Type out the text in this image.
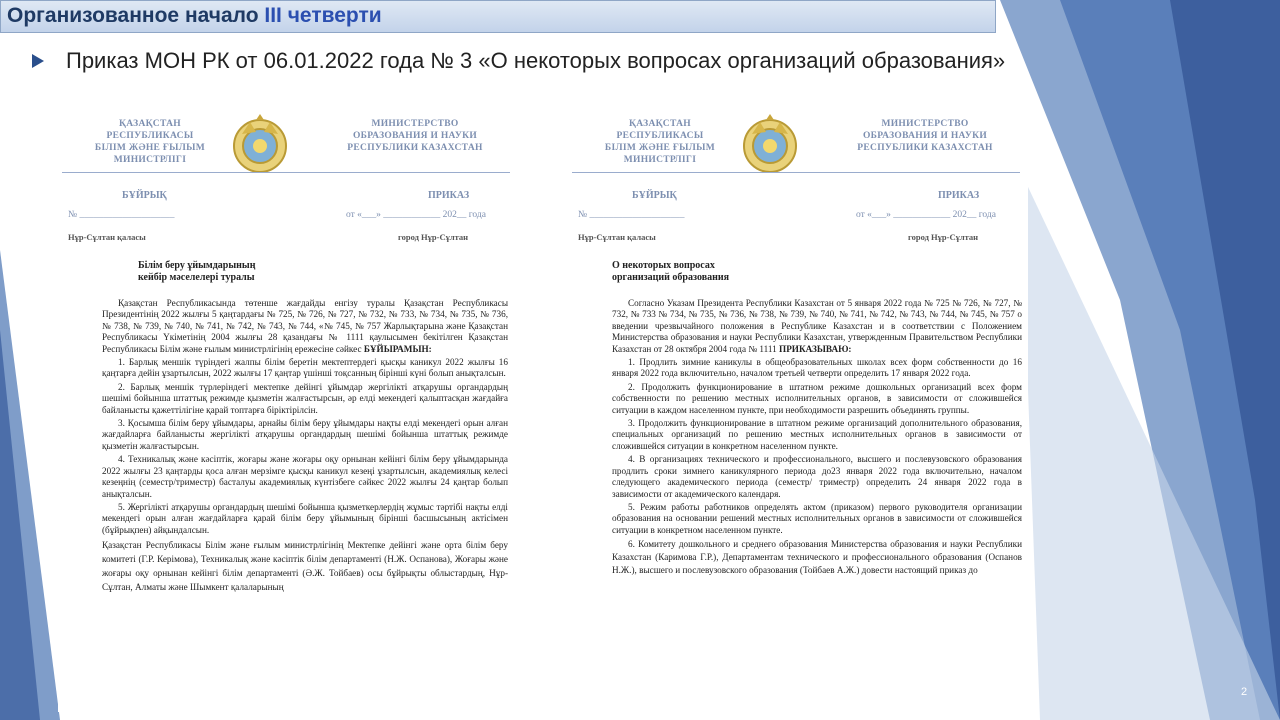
Организованное начало III четверти
Приказ МОН РК от 06.01.2022 года № 3 «О некоторых вопросах организаций образования»
ҚАЗАҚСТАН
РЕСПУБЛИКАСЫ
БІЛІМ ЖӘНЕ ҒЫЛЫМ
МИНИСТРЛІГІ
МИНИСТЕРСТВО
ОБРАЗОВАНИЯ И НАУКИ
РЕСПУБЛИКИ КАЗАХСТАН
БҰЙРЫҚ	ПРИКАЗ
№ ____________________	от «___» ____________ 202__ года
Нұр-Сұлтан қаласы	город Нұр-Сұлтан
Білім беру ұйымдарының
кейбір мәселелері туралы

Қазақстан Республикасында төтенше жағдайды енгізу туралы Қазақстан Республикасы Президентінің 2022 жылғы 5 қаңтардағы № 725, № 726, № 727, № 732, № 733, № 734, № 735, № 736, № 738, № 739, № 740, № 741, № 742, № 743, № 744, «№ 745, № 757 Жарлықтарына және Қазақстан Республикасы Үкіметінің 2004 жылғы 28 қазандағы № 1111 қаулысымен бекітілген Қазақстан Республикасы Білім және ғылым министрлігінің ережесіне сәйкес БҰЙЫРАМЫН:

1. Барлық меншік түріндегі жалпы білім беретін мектептердегі қысқы каникул 2022 жылғы 16 қаңтарға дейін ұзартылсын, 2022 жылғы 17 қаңтар үшінші тоқсанның бірінші күні болып анықталсын.

2. Барлық меншік түрлеріндегі мектепке дейінгі ұйымдар жергілікті атқарушы органдардың шешімі бойынша штаттық режимде қызметін жалғастырсын, әр елді мекендегі қалыптасқан жағдайға байланысты қажеттілігіне қарай топтарға біріктірілсін.

3. Қосымша білім беру ұйымдары, арнайы білім беру ұйымдары нақты елді мекендегі орын алған жағдайларға байланысты жергілікті атқарушы органдардың шешімі бойынша штаттық режимде қызметін жалғастырсын.

4. Техникалық және кәсіптік, жоғары және жоғары оқу орнынан кейінгі білім беру ұйымдарында 2022 жылғы 23 қаңтарды қоса алған мерзімге қысқы каникул кезеңі ұзартылсын, академиялық келесі кезеңнің (семестр/триместр) басталуы академиялық күнтізбеге сәйкес 2022 жылғы 24 қаңтар болып анықталсын.

5. Жергілікті атқарушы органдардың шешімі бойынша қызметкерлердің жұмыс тәртібі нақты елді мекендегі орын алған жағдайларға қарай білім беру ұйымының бірінші басшысының актісімен (бұйрықпен) айқындалсын.

Қазақстан Республикасы Білім және ғылым министрлігінің Мектепке дейінгі және орта білім беру комитеті (Г.Р. Керімова), Техникалық және кәсіптік білім департаменті (Н.Ж. Оспанова), Жоғары және жоғары оқу орнынан кейінгі білім департаменті (Ә.Ж. Тойбаев) осы бұйрықты облыстардың, Нұр-Сұлтан, Алматы және Шымкент қалаларының

ҚАЗАҚСТАН
РЕСПУБЛИКАСЫ
БІЛІМ ЖӘНЕ ҒЫЛЫМ
МИНИСТРЛІГІ
МИНИСТЕРСТВО
ОБРАЗОВАНИЯ И НАУКИ
РЕСПУБЛИКИ КАЗАХСТАН
БҰЙРЫҚ	ПРИКАЗ
№ ____________________	от «___» ____________ 202__ года
Нұр-Сұлтан қаласы	город Нұр-Сұлтан
О некоторых вопросах
организаций образования

Согласно Указам Президента Республики Казахстан от 5 января 2022 года № 725 № 726, № 727, № 732, № 733 № 734, № 735, № 736, № 738, № 739, № 740, № 741, № 742, № 743, № 744, № 745, № 757 о введении чрезвычайного положения в Республике Казахстан и в соответствии с Положением Министерства образования и науки Республики Казахстан, утвержденным Правительством Республики Казахстан от 28 октября 2004 года № 1111 ПРИКАЗЫВАЮ:

1. Продлить зимние каникулы в общеобразовательных школах всех форм собственности до 16 января 2022 года включительно, началом третьей четверти определить 17 января 2022 года.

2. Продолжить функционирование в штатном режиме дошкольных организаций всех форм собственности по решению местных исполнительных органов, в зависимости от сложившейся ситуации в каждом населенном пункте, при необходимости разрешить объединять группы.

3. Продолжить функционирование в штатном режиме организаций дополнительного образования, специальных организаций по решению местных исполнительных органов в зависимости от сложившейся ситуации в конкретном населенном пункте.

4. В организациях технического и профессионального, высшего и послевузовского образования продлить сроки зимнего каникулярного периода до23 января 2022 года включительно, началом следующего академического периода (семестр/ триместр) определить 24 января 2022 года в зависимости от академического календаря.

5. Режим работы работников определять актом (приказом) первого руководителя организации образования на основании решений местных исполнительных органов в зависимости от сложившейся ситуации в конкретном населенном пункте.

6. Комитету дошкольного и среднего образования Министерства образования и науки Республики Казахстан (Каримова Г.Р.), Департаментам технического и профессионального образования (Оспанов Н.Ж.), высшего и послевузовского образования (Тойбаев А.Ж.) довести настоящий приказ до

2
